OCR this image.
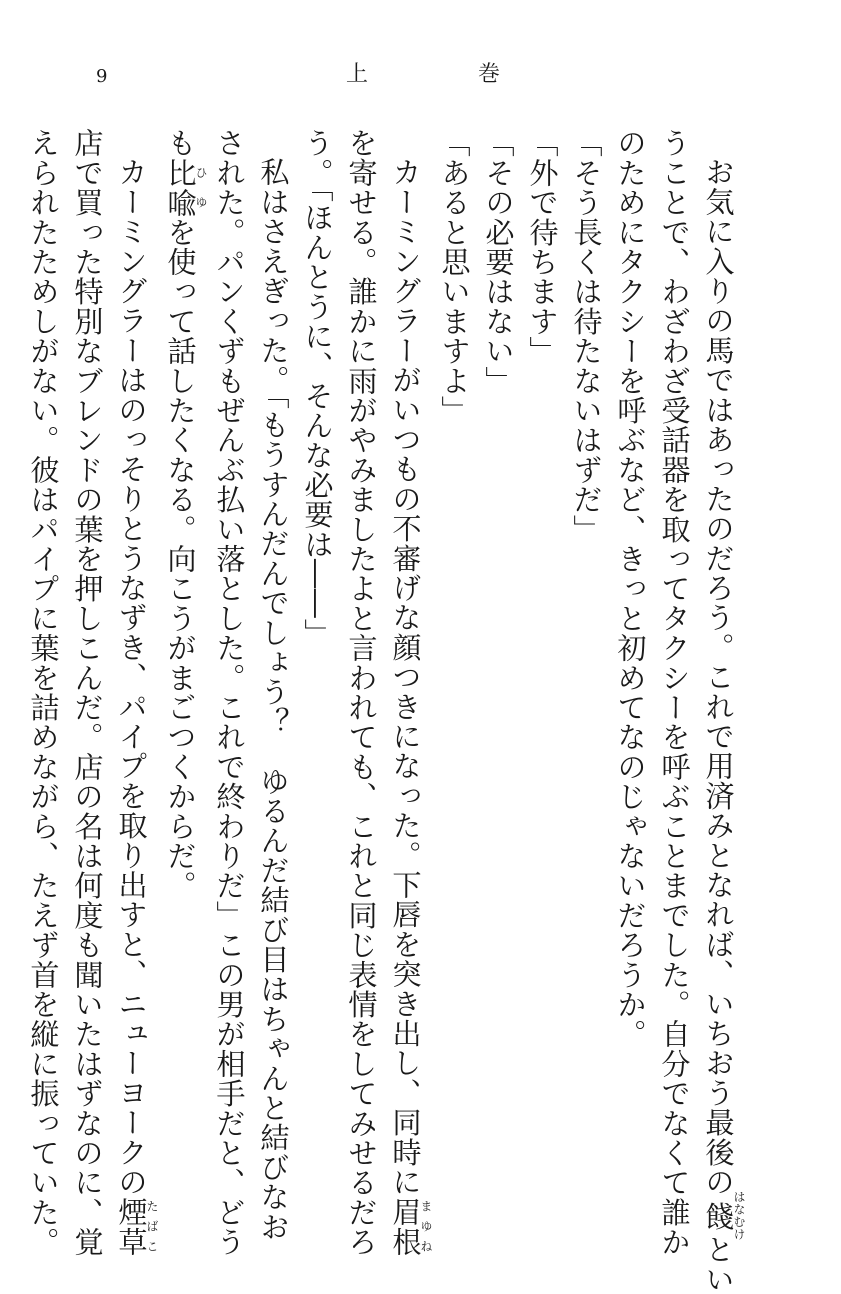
9	上	巻
お気に入りの馬ではあったのだろう。これで用済みとなれば、いちおう最後の餞はなむけとい
うことで、わざわざ受話器を取ってタクシーを呼ぶことまでした。自分でなくて誰か
のためにタクシーを呼ぶなど、きっと初めてなのじゃないだろうか。
「そう長くは待たないはずだ」
「外で待ちます」
「その必要はない」
「あると思いますよ」
カーミングラーがいつもの不審げな顔つきになった。下唇を突き出し、同時に眉根まゆね
を寄せる。誰かに雨がやみましたよと言われても、これと同じ表情をしてみせるだろ
う。「ほんとうに、そんな必要は――」
私はさえぎった。「もうすんだんでしょう？　ゆるんだ結び目はちゃんと結びなお
された。パンくずもぜんぶ払い落とした。これで終わりだ」この男が相手だと、どう
も比喩ひゆを使って話したくなる。向こうがまごつくからだ。
カーミングラーはのっそりとうなずき、パイプを取り出すと、ニューヨークの煙草たばこ
店で買った特別なブレンドの葉を押しこんだ。店の名は何度も聞いたはずなのに、覚
えられたためしがない。彼はパイプに葉を詰めながら、たえず首を縦に振っていた。
